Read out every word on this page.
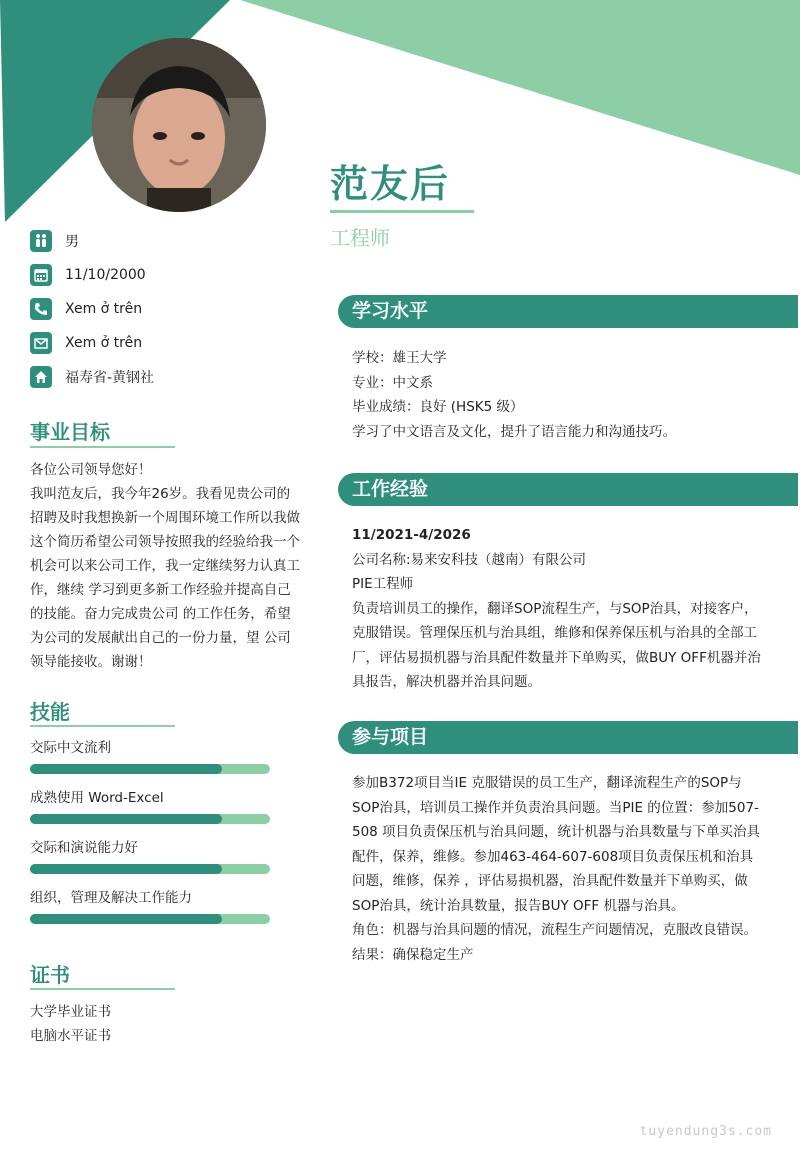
范友后
工程师
男
11/10/2000
Xem ở trên
Xem ở trên
福寿省-黄钢社
事业目标

各位公司领导您好！

我叫范友后，我今年26岁。我看见贵公司的招聘及时我想换新一个周围环境工作所以我做这个简历希望公司领导按照我的经验给我一个机会可以来公司工作，我一定继续努力认真工作，继续 学习到更多新工作经验并提高自己的技能。奋力完成贵公司 的工作任务，希望为公司的发展献出自己的一份力量，望 公司领导能接收。谢谢！

技能
交际中文流利
成熟使用 Word-Excel
交际和演说能力好
组织，管理及解决工作能力
证书
大学毕业证书
电脑水平证书
学习水平

学校：雄王大学

专业：中文系

毕业成绩：良好 (HSK5 级）

学习了中文语言及文化，提升了语言能力和沟通技巧。

工作经验

11/2021-4/2026

公司名称:易来安科技（越南）有限公司

PIE工程师

负责培训员工的操作，翻译SOP流程生产，与SOP治具，对接客户，克服错误。管理保压机与治具组，维修和保养保压机与治具的全部工厂，评估易损机器与治具配件数量并下单购买，做BUY OFF机器并治具报告，解决机器并治具问题。

参与项目

参加B372项目当IE 克服错误的员工生产，翻译流程生产的SOP与SOP治具，培训员工操作并负责治具问题。当PIE 的位置：参加507-508 项目负责保压机与治具问题，统计机器与治具数量与下单买治具配件，保养，维修。参加463-464-607-608项目负责保压机和治具问题，维修，保养 ，评估易损机器，治具配件数量并下单购买，做SOP治具，统计治具数量，报告BUY OFF 机器与治具。

角色：机器与治具问题的情况，流程生产问题情况，克服改良错误。

结果：确保稳定生产

tuyendung3s.com
